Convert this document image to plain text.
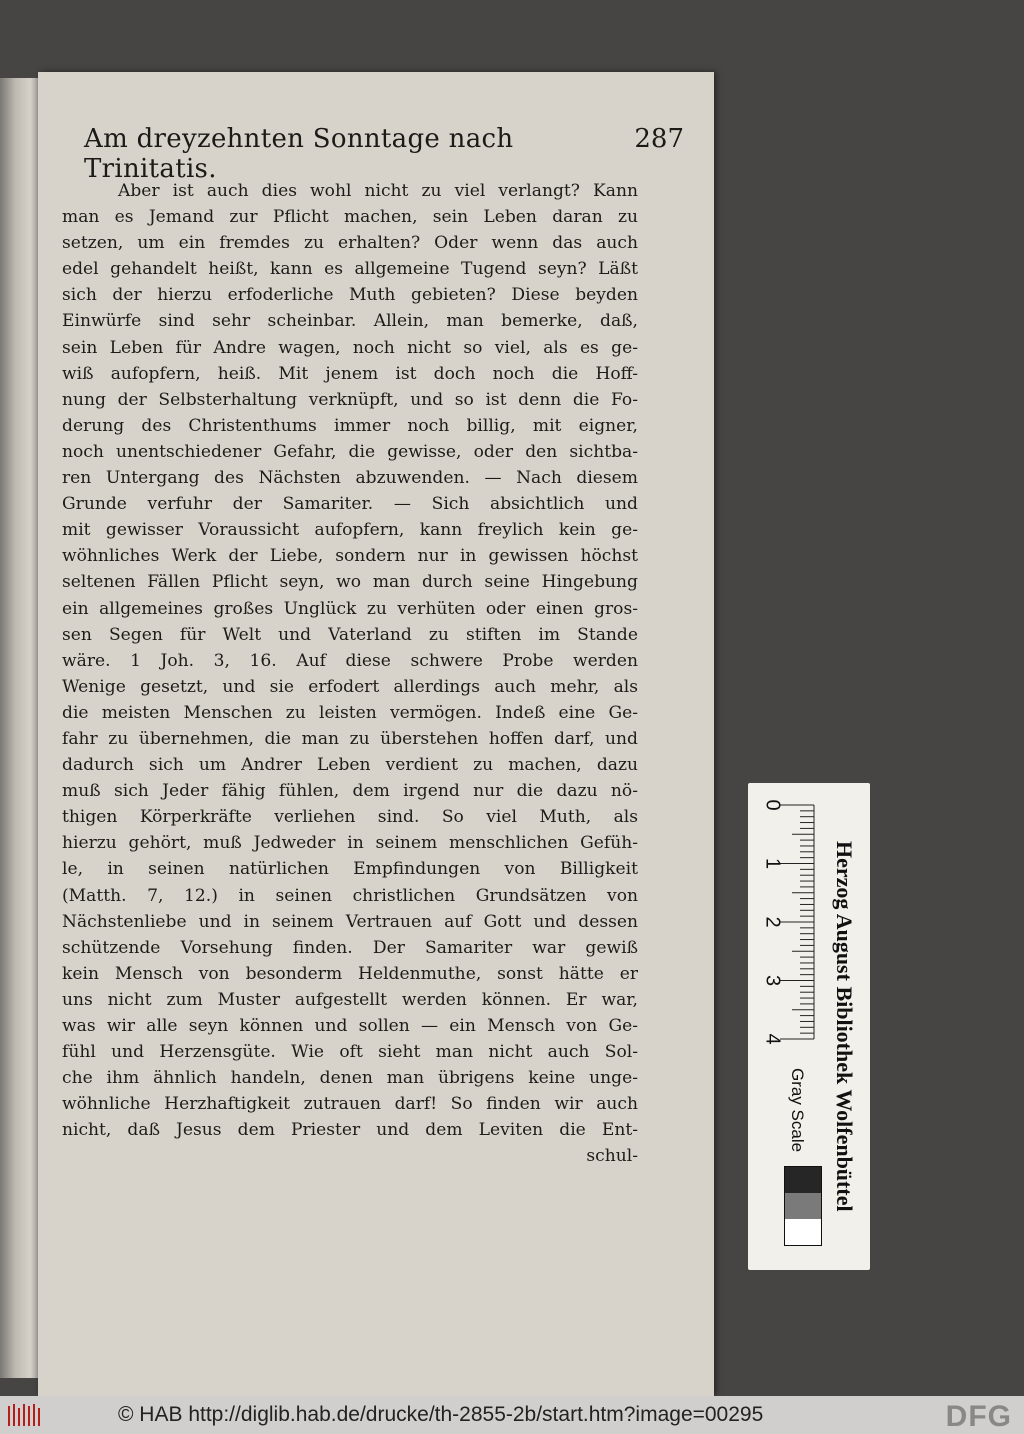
Am dreyzehnten Sonntage nach Trinitatis.
287
Aber ist auch dies wohl nicht zu viel verlangt? Kann
man es Jemand zur Pflicht machen, sein Leben daran zu
setzen, um ein fremdes zu erhalten? Oder wenn das auch
edel gehandelt heißt, kann es allgemeine Tugend seyn? Läßt
sich der hierzu erfoderliche Muth gebieten? Diese beyden
Einwürfe sind sehr scheinbar. Allein, man bemerke, daß,
sein Leben für Andre wagen, noch nicht so viel, als es ge-
wiß aufopfern, heiß. Mit jenem ist doch noch die Hoff-
nung der Selbsterhaltung verknüpft, und so ist denn die Fo-
derung des Christenthums immer noch billig, mit eigner,
noch unentschiedener Gefahr, die gewisse, oder den sichtba-
ren Untergang des Nächsten abzuwenden. — Nach diesem
Grunde verfuhr der Samariter. — Sich absichtlich und
mit gewisser Voraussicht aufopfern, kann freylich kein ge-
wöhnliches Werk der Liebe, sondern nur in gewissen höchst
seltenen Fällen Pflicht seyn, wo man durch seine Hingebung
ein allgemeines großes Unglück zu verhüten oder einen gros-
sen Segen für Welt und Vaterland zu stiften im Stande
wäre. 1 Joh. 3, 16. Auf diese schwere Probe werden
Wenige gesetzt, und sie erfodert allerdings auch mehr, als
die meisten Menschen zu leisten vermögen. Indeß eine Ge-
fahr zu übernehmen, die man zu überstehen hoffen darf, und
dadurch sich um Andrer Leben verdient zu machen, dazu
muß sich Jeder fähig fühlen, dem irgend nur die dazu nö-
thigen Körperkräfte verliehen sind. So viel Muth, als
hierzu gehört, muß Jedweder in seinem menschlichen Gefüh-
le, in seinen natürlichen Empfindungen von Billigkeit
(Matth. 7, 12.) in seinen christlichen Grundsätzen von
Nächstenliebe und in seinem Vertrauen auf Gott und dessen
schützende Vorsehung finden. Der Samariter war gewiß
kein Mensch von besonderm Heldenmuthe, sonst hätte er
uns nicht zum Muster aufgestellt werden können. Er war,
was wir alle seyn können und sollen — ein Mensch von Ge-
fühl und Herzensgüte. Wie oft sieht man nicht auch Sol-
che ihm ähnlich handeln, denen man übrigens keine unge-
wöhnliche Herzhaftigkeit zutrauen darf! So finden wir auch
nicht, daß Jesus dem Priester und dem Leviten die Ent-
schul-
0
1
2
3
4	Herzog August Bibliothek Wolfenbüttel
Gray Scale
© HAB http://diglib.hab.de/drucke/th-2855-2b/start.htm?image=00295	DFG
